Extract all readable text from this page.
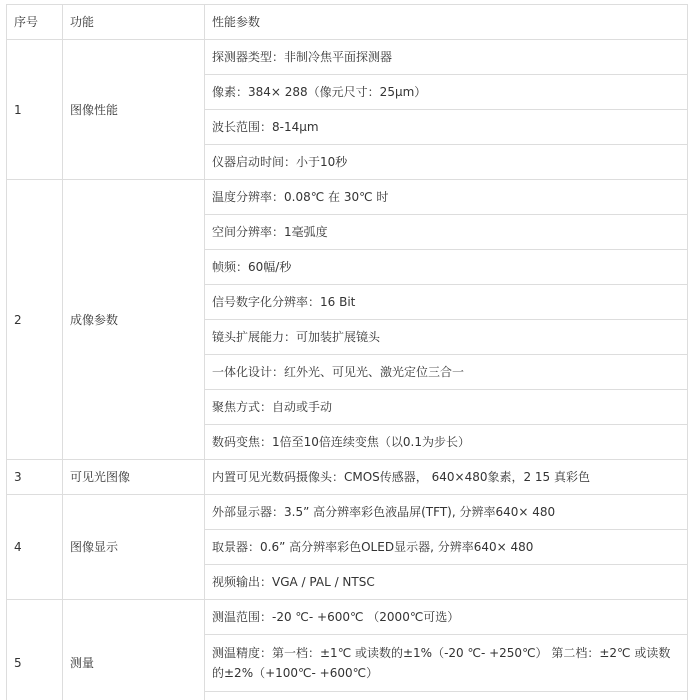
序号	功能	性能参数
1	图像性能	探测器类型：非制冷焦平面探测器
		像素：384× 288（像元尺寸：25μm）
		波长范围：8-14μm
		仪器启动时间：小于10秒
2	成像参数	温度分辨率：0.08℃ 在 30℃ 时
		空间分辨率：1毫弧度
		帧频：60幅/秒
		信号数字化分辨率：16 Bit
		镜头扩展能力：可加装扩展镜头
		一体化设计：红外光、可见光、激光定位三合一
		聚焦方式：自动或手动
		数码变焦：1倍至10倍连续变焦（以0.1为步长）
3	可见光图像	内置可见光数码摄像头：CMOS传感器， 640×480象素，2 15 真彩色
4	图像显示	外部显示器：3.5” 高分辨率彩色液晶屏(TFT), 分辨率640× 480
		取景器：0.6” 高分辨率彩色OLED显示器, 分辨率640× 480
		视频输出：VGA / PAL / NTSC
5	测量	测温范围：-20 ℃- +600℃ （2000℃可选）
		测温精度：第一档：±1℃ 或读数的±1%（-20 ℃- +250℃） 第二档：±2℃ 或读数的±2%（+100℃- +600℃）
